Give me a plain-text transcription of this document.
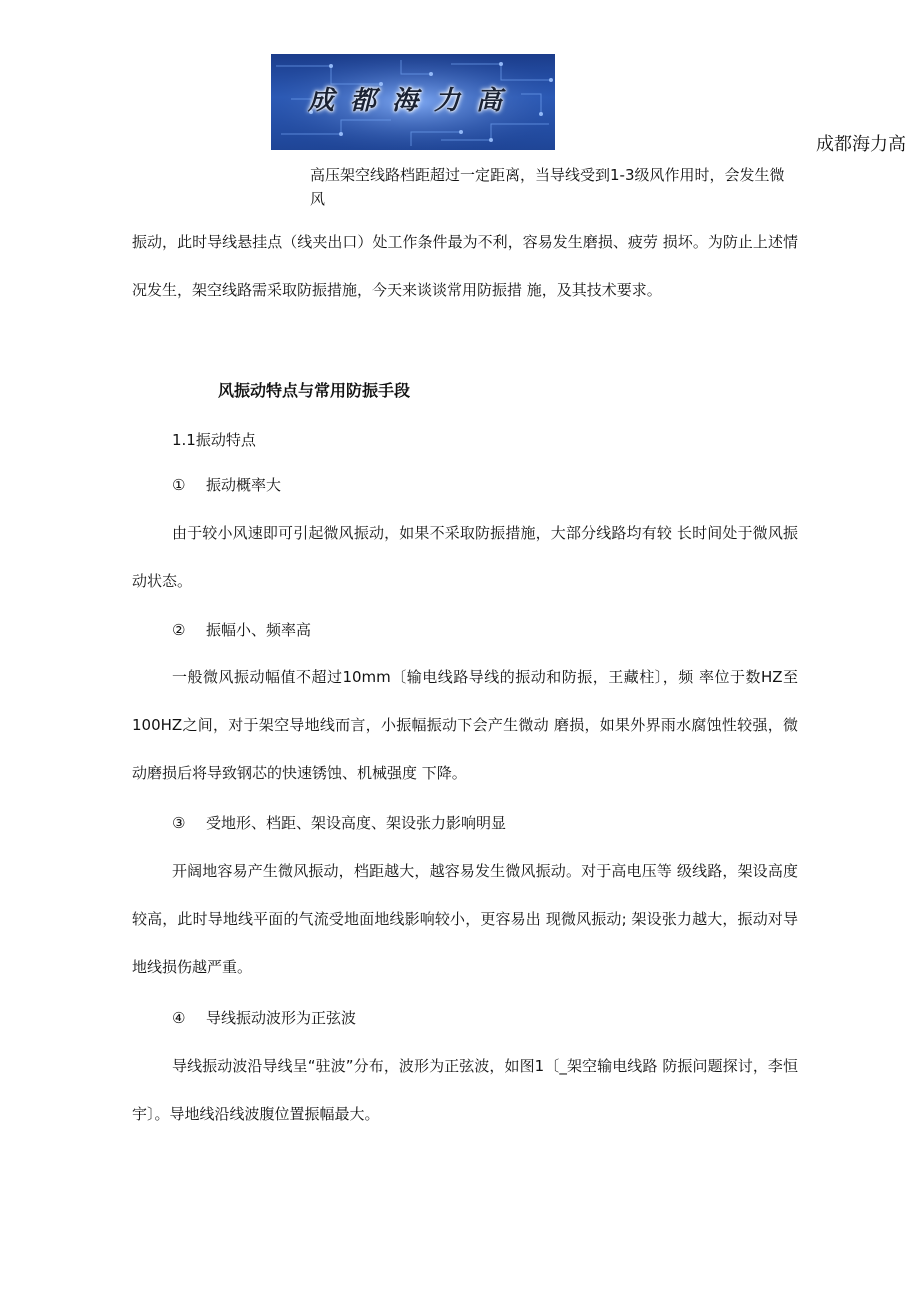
成都海力高
成都海力高
高压架空线路档距超过一定距离，当导线受到1-3级风作用时，会发生微风
振动，此时导线悬挂点（线夹出口）处工作条件最为不利，容易发生磨损、疲劳 损坏。为防止上述情况发生，架空线路需采取防振措施，今天来谈谈常用防振措 施，及其技术要求。
风振动特点与常用防振手段
1.1振动特点
①	振动概率大
由于较小风速即可引起微风振动，如果不采取防振措施，大部分线路均有较 长时间处于微风振动状态。
②	振幅小、频率高
一般微风振动幅值不超过10mm〔输电线路导线的振动和防振，王藏柱〕，频 率位于数HZ至100HZ之间，对于架空导地线而言，小振幅振动下会产生微动 磨损，如果外界雨水腐蚀性较强，微动磨损后将导致钢芯的快速锈蚀、机械强度 下降。
③	受地形、档距、架设高度、架设张力影响明显
开阔地容易产生微风振动，档距越大，越容易发生微风振动。对于高电压等 级线路，架设高度较高，此时导地线平面的气流受地面地线影响较小，更容易出 现微风振动; 架设张力越大，振动对导地线损伤越严重。
④	导线振动波形为正弦波
导线振动波沿导线呈“驻波”分布，波形为正弦波，如图1〔_架空输电线路 防振问题探讨，李恒宇〕。导地线沿线波腹位置振幅最大。
